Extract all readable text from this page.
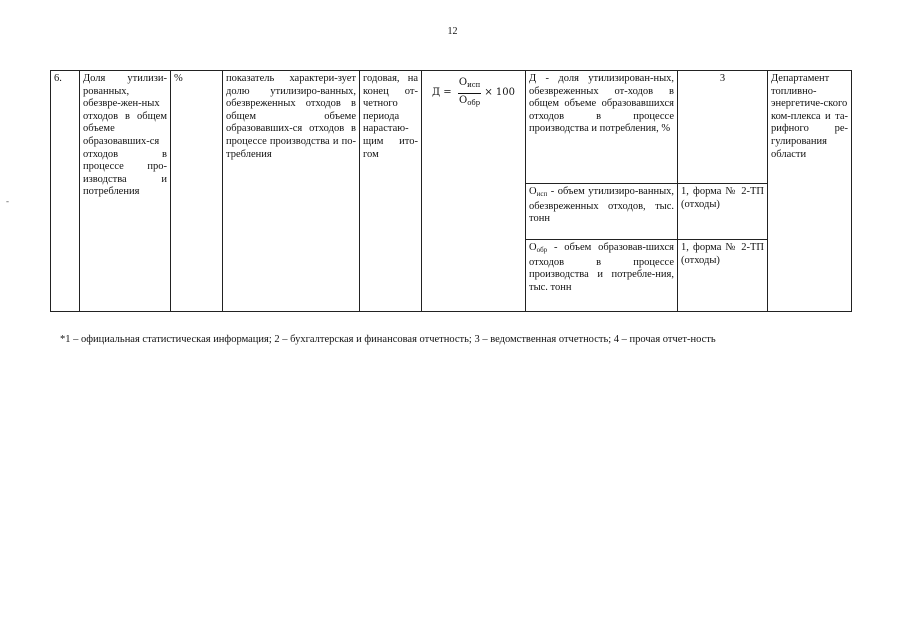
12
-
6.	Доля утилизи-рованных, обезвре-жен-ных отходов в общем объеме образовавших-ся отходов в процессе про-изводства и потребления	%	показатель характери-зует долю утилизиро-ванных, обезвреженных отходов в общем объеме образовавших-ся отходов в процессе производства и по-требления	годовая, на конец от-четного периода нарастаю-щим ито-гом	$Д = \frac{О_{исп}}{О_{обр}} \times 100$	Д - доля утилизирован-ных, обезвреженных от-ходов в общем объеме образовавшихся отходов в процессе производства и потребления, %	3	Департамент топливно-энергетиче-ского ком-плекса и та-рифного ре-гулирования области
						$О_{исп}$ - объем утилизиро-ванных, обезвреженных отходов, тыс. тонн	1, форма № 2-ТП (отходы)	
						$О_{обр}$ - объем образовав-шихся отходов в процессе производства и потребле-ния, тыс. тонн	1, форма № 2-ТП (отходы)	
*1 – официальная статистическая информация; 2 – бухгалтерская и финансовая отчетность; 3 – ведомственная отчетность; 4 – прочая отчет-ность
